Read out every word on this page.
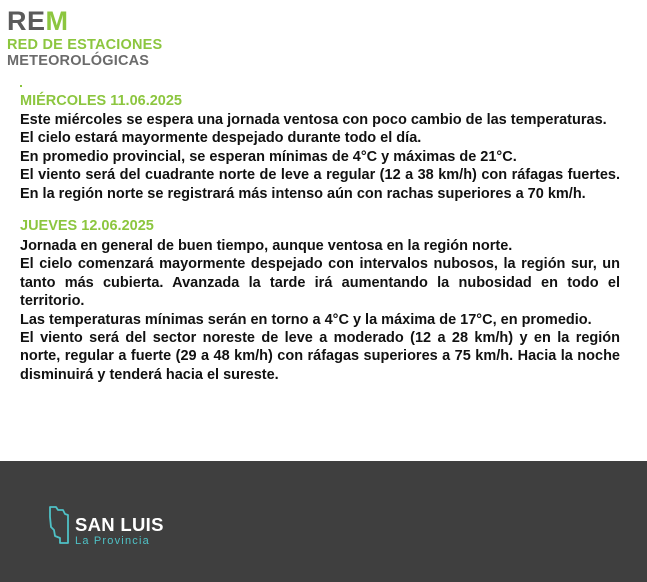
REM
RED DE ESTACIONES
METEOROLÓGICAS
MIÉRCOLES 11.06.2025

Este miércoles se espera una jornada ventosa con poco cambio de las temperaturas.

El cielo estará mayormente despejado durante todo el día.

En promedio provincial, se esperan mínimas de 4°C y máximas de 21°C.

El viento será del cuadrante norte de leve a regular (12 a 38 km/h) con ráfagas fuertes. En la región norte se registrará más intenso aún con rachas superiores a 70 km/h.

JUEVES 12.06.2025

Jornada en general de buen tiempo, aunque ventosa en la región norte.

El cielo comenzará mayormente despejado con intervalos nubosos, la región sur, un tanto más cubierta. Avanzada la tarde irá aumentando la nubosidad en todo el territorio.

Las temperaturas mínimas serán en torno a 4°C y la máxima de 17°C, en promedio.

El viento será del sector noreste de leve a moderado (12 a 28 km/h) y en la región norte, regular a fuerte (29 a 48 km/h) con ráfagas superiores a 75 km/h. Hacia la noche disminuirá y tenderá hacia el sureste.

SAN LUIS
La Provincia
